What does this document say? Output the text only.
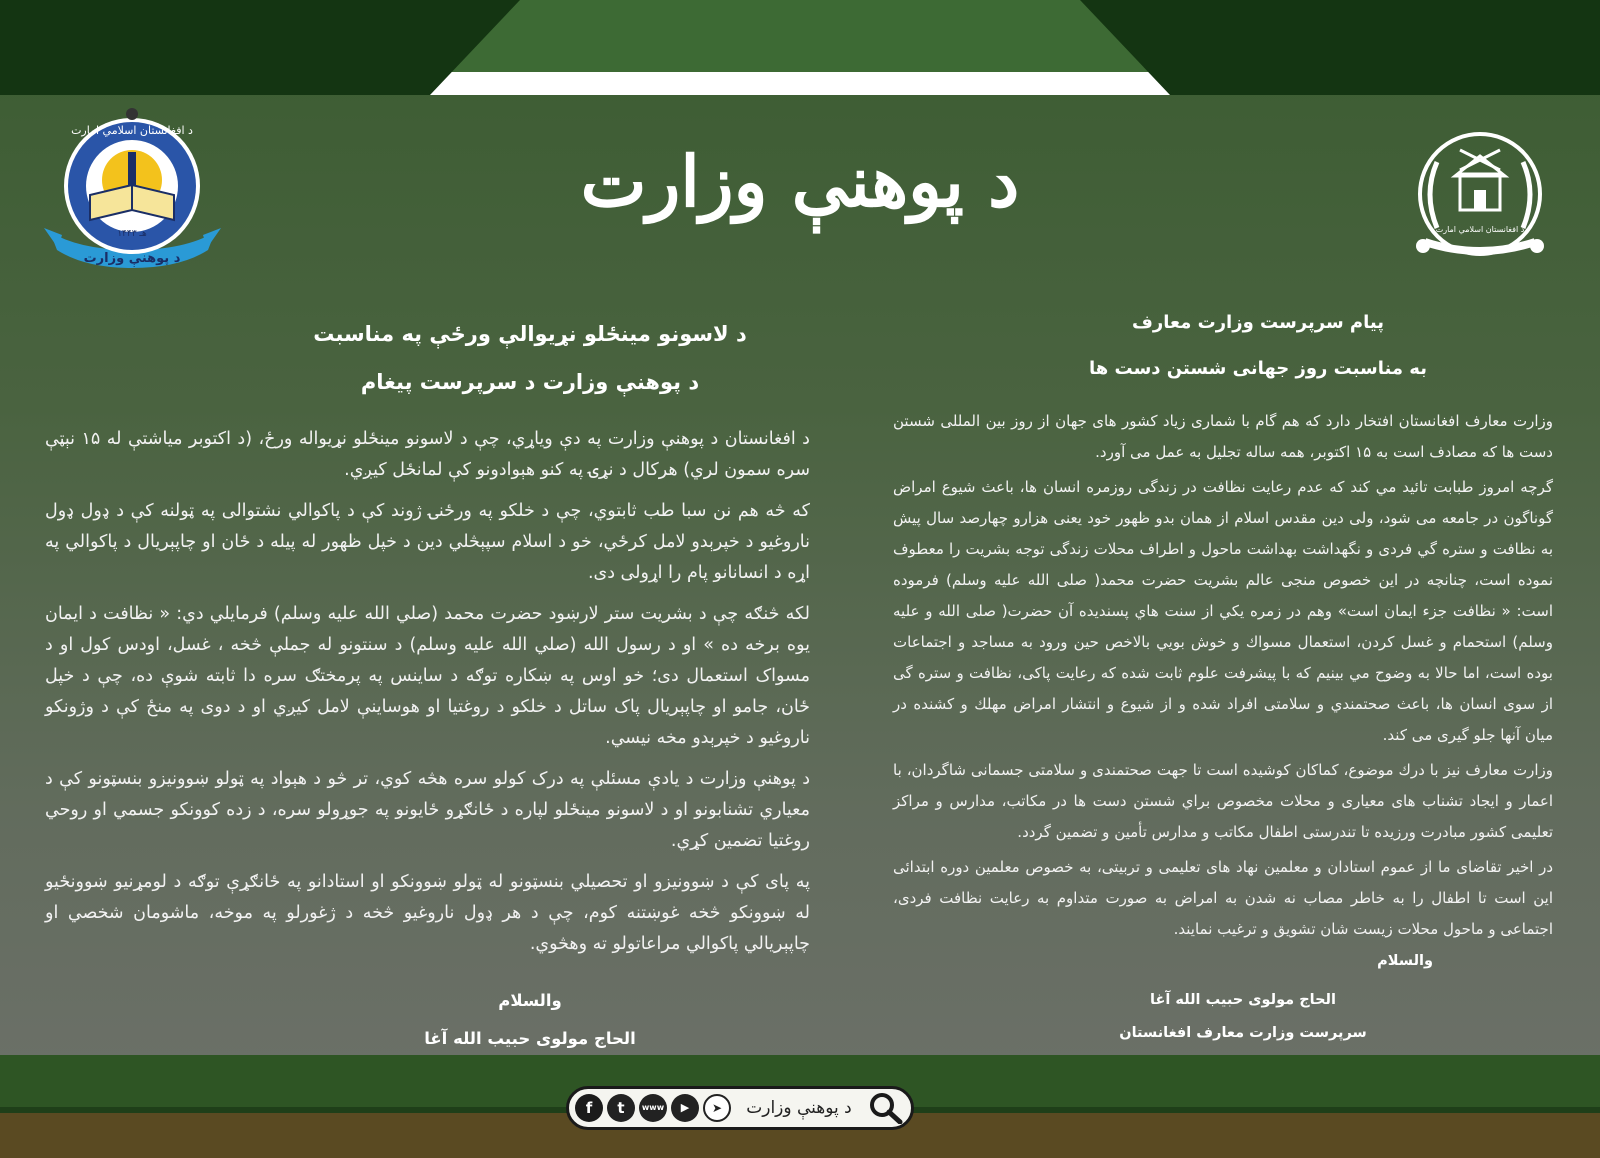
د پوهنې وزارت
۱۴۴۳ هـ
د افغانستان اسلامي امارت
د افغانستان اسلامي امارت
د پوهنې وزارت
د لاسونو مينځلو نړيوالې ورځې په مناسبت
د پوهنې وزارت د سرپرست پيغام

د افغانستان د پوهنې وزارت په دې وياړي، چې د لاسونو مينځلو نړيواله ورځ، (د اکتوبر مياشتې له ۱۵ نېټې سره سمون لري) هرکال د نړۍ په کنو هېوادونو کې لمانځل کيږي.

که څه هم نن سبا طب ثابتوي، چې د خلکو په ورځنۍ ژوند کې د پاکوالي نشتوالی په ټولنه کې د ډول ډول ناروغيو د خپرېدو لامل کرځي، خو د اسلام سپېڅلي دين د خپل ظهور له پيله د ځان او چاپېريال د پاکوالي په اړه د انسانانو پام را اړولی دی.

لکه څنګه چې د بشريت ستر لارښود حضرت محمد (صلي الله عليه وسلم) فرمايلي دي: « نظافت د ايمان يوه برخه ده » او د رسول الله (صلي الله عليه وسلم) د سنتونو له جملې څخه ، غسل، اودس کول او د مسواک استعمال دی؛ خو اوس په ښکاره توګه د ساينس په پرمختګ سره دا ثابته شوې ده، چې د خپل ځان، جامو او چاپېريال پاک ساتل د خلکو د روغتيا او هوساينې لامل کيږي او د دوی په منځ کې د وژونکو ناروغيو د خپرېدو مخه نيسي.

د پوهنې وزارت د يادې مسئلې په درک کولو سره هڅه کوي، تر څو د هېواد په ټولو ښوونيزو بنسټونو کې د معياري تشنابونو او د لاسونو مينځلو لپاره د ځانګړو ځايونو په جوړولو سره، د زده کوونکو جسمي او روحي روغتيا تضمين کړي.

په پای کې د ښوونيزو او تحصيلي بنسټونو له ټولو ښوونکو او استادانو په ځانګړې توګه د لومړنيو ښوونځيو له ښوونکو څخه غوښتنه کوم، چې د هر ډول ناروغيو څخه د ژغورلو په موخه، ماشومان شخصي او چاپېريالي پاکوالي مراعاتولو ته وهڅوي.

والسلام
الحاج مولوی حبيب الله آغا
پيام سرپرست وزارت معارف
به مناسبت روز جهانی شستن دست ها

وزارت معارف افغانستان افتخار دارد كه هم گام با شماری زیاد کشور های جهان از روز بین المللی شستن دست ها كه مصادف است به ۱۵ اکتوبر، همه ساله تجليل به عمل می آورد.

گرچه امروز طبابت تائيد مي كند كه عدم رعايت نظافت در زندگی روزمره انسان ها، باعث شيوع امراض گوناگون در جامعه می شود، ولی دين مقدس اسلام از همان بدو ظهور خود يعنی هزارو چهارصد سال پیش به نظافت و ستره گي فردی و نگهداشت بهداشت ماحول و اطراف محلات زندگی توجه بشريت را معطوف نموده است، چنانچه در اين خصوص منجی عالم بشريت حضرت محمد( صلی الله علیه وسلم) فرموده است: « نظافت جزء ايمان است» وهم در زمره يكي از سنت هاي پسنديده آن حضرت( صلی الله و عليه وسلم) استحمام و غسل كردن، استعمال مسواك و خوش بويي بالاخص حين ورود به مساجد و اجتماعات بوده است، اما حالا به وضوح مي بينيم كه با پيشرفت علوم ثابت شده كه رعايت پاكی، نظافت و ستره گی از سوی انسان ها، باعث صحتمندي و سلامتی افراد شده و از شيوع و انتشار امراض مهلك و كشنده در ميان آنها جلو گيری می كند.

وزارت معارف نيز با درك موضوع، كماكان كوشيده است تا جهت صحتمندی و سلامتی جسمانی شاگردان، با اعمار و ايجاد تشناب های معياری و محلات مخصوص براي شستن دست ها در مكاتب، مدارس و مراكز تعليمی كشور مبادرت ورزيده تا تندرستی اطفال مكاتب و مدارس تأمين و تضمين گردد.

در اخير تقاضای ما از عموم استادان و معلمين نهاد های تعليمی و تربيتی، به خصوص معلمين دوره ابتدائی اين است تا اطفال را به خاطر مصاب نه شدن به امراض به صورت متداوم به رعايت نظافت فردی، اجتماعی و ماحول محلات زيست شان تشويق و ترغيب نمايند.

والسلام
الحاج مولوی حبیب الله آغا
سرپرست وزارت معارف افغانستان
f	t	www	▶	➤	د پوهنې وزارت
